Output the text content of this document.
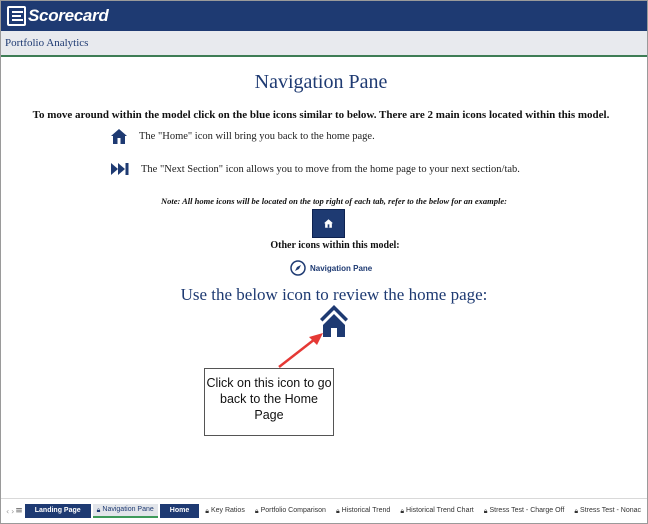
Scorecard
Portfolio Analytics
Navigation Pane
To move around within the model click on the blue icons similar to below. There are 2 main icons located within this model.
The "Home" icon will bring you back to the home page.
The "Next Section" icon allows you to move from the home page to your next section/tab.
Note: All home icons will be located on the top right of each tab, refer to the below for an example:
Other icons within this model:
Navigation Pane
Use the below icon to review the home page:
Click on this icon to go back to the Home Page
‹ › ≡ Landing Page 🔒︎ Navigation Pane Home 🔒︎ Key Ratios 🔒︎ Portfolio Comparison 🔒︎ Historical Trend 🔒︎ Historical Trend Chart 🔒︎ Stress Test - Charge Off 🔒︎ Stress Test - Nonac
